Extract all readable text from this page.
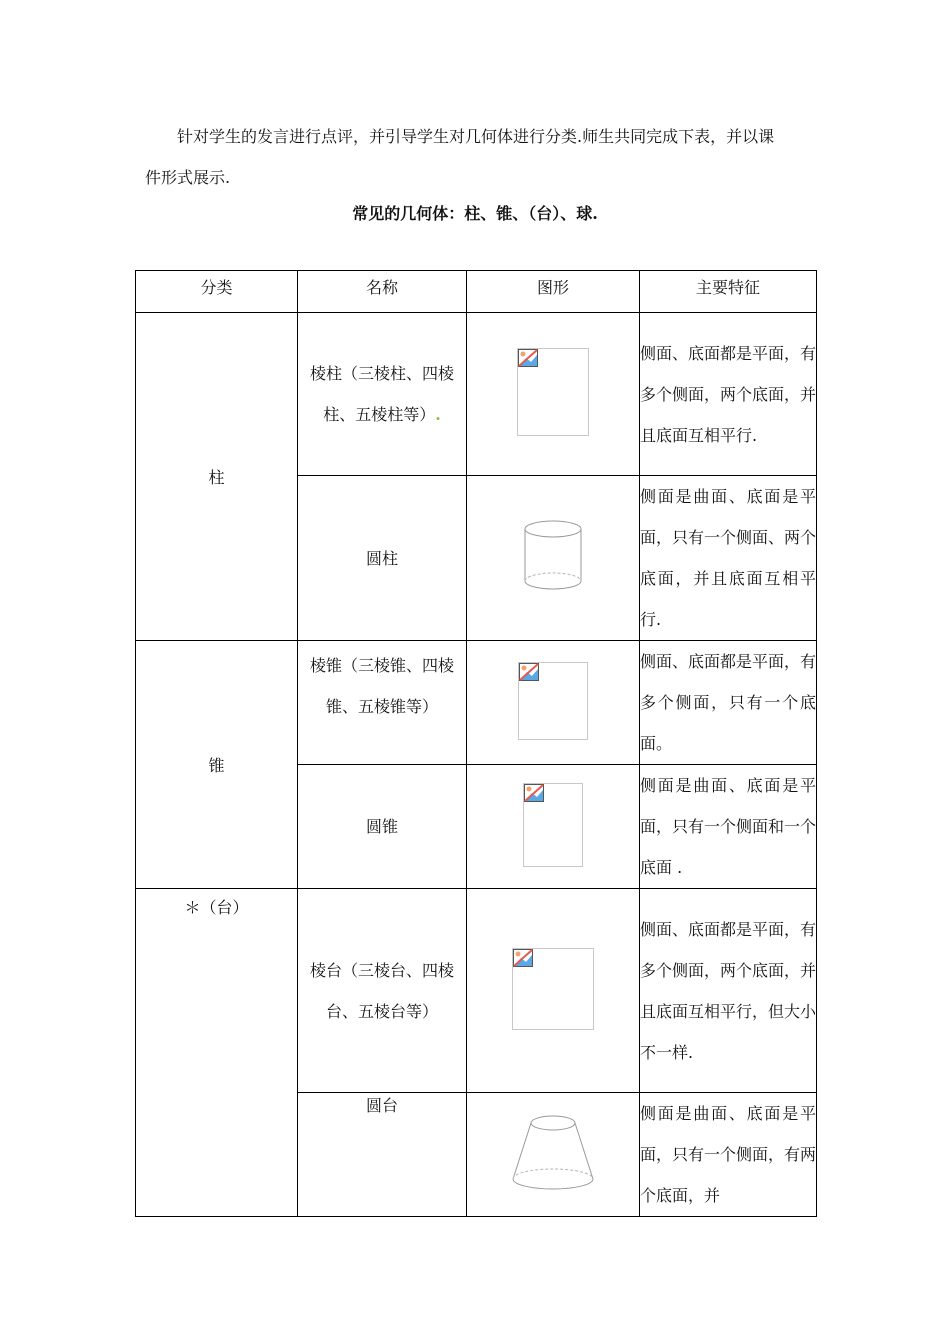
针对学生的发言进行点评，并引导学生对几何体进行分类.师生共同完成下表，并以课
件形式展示.

常见的几何体：柱、锥、（台）、球.

分类	名称	图形	主要特征
柱	棱柱（三棱柱、四棱柱、五棱柱等）.		侧面、底面都是平面，有多个侧面，两个底面，并且底面互相平行.
	圆柱		侧面是曲面、底面是平面，只有一个侧面、两个底面，并且底面互相平行.
锥	棱锥（三棱锥、四棱锥、五棱锥等）		侧面、底面都是平面，有多个侧面，只有一个底面。
	圆锥		侧面是曲面、底面是平面，只有一个侧面和一个底面 .
＊（台）	棱台（三棱台、四棱台、五棱台等）		侧面、底面都是平面，有多个侧面，两个底面，并且底面互相平行，但大小不一样.
	圆台		侧面是曲面、底面是平面，只有一个侧面，有两个底面，并
